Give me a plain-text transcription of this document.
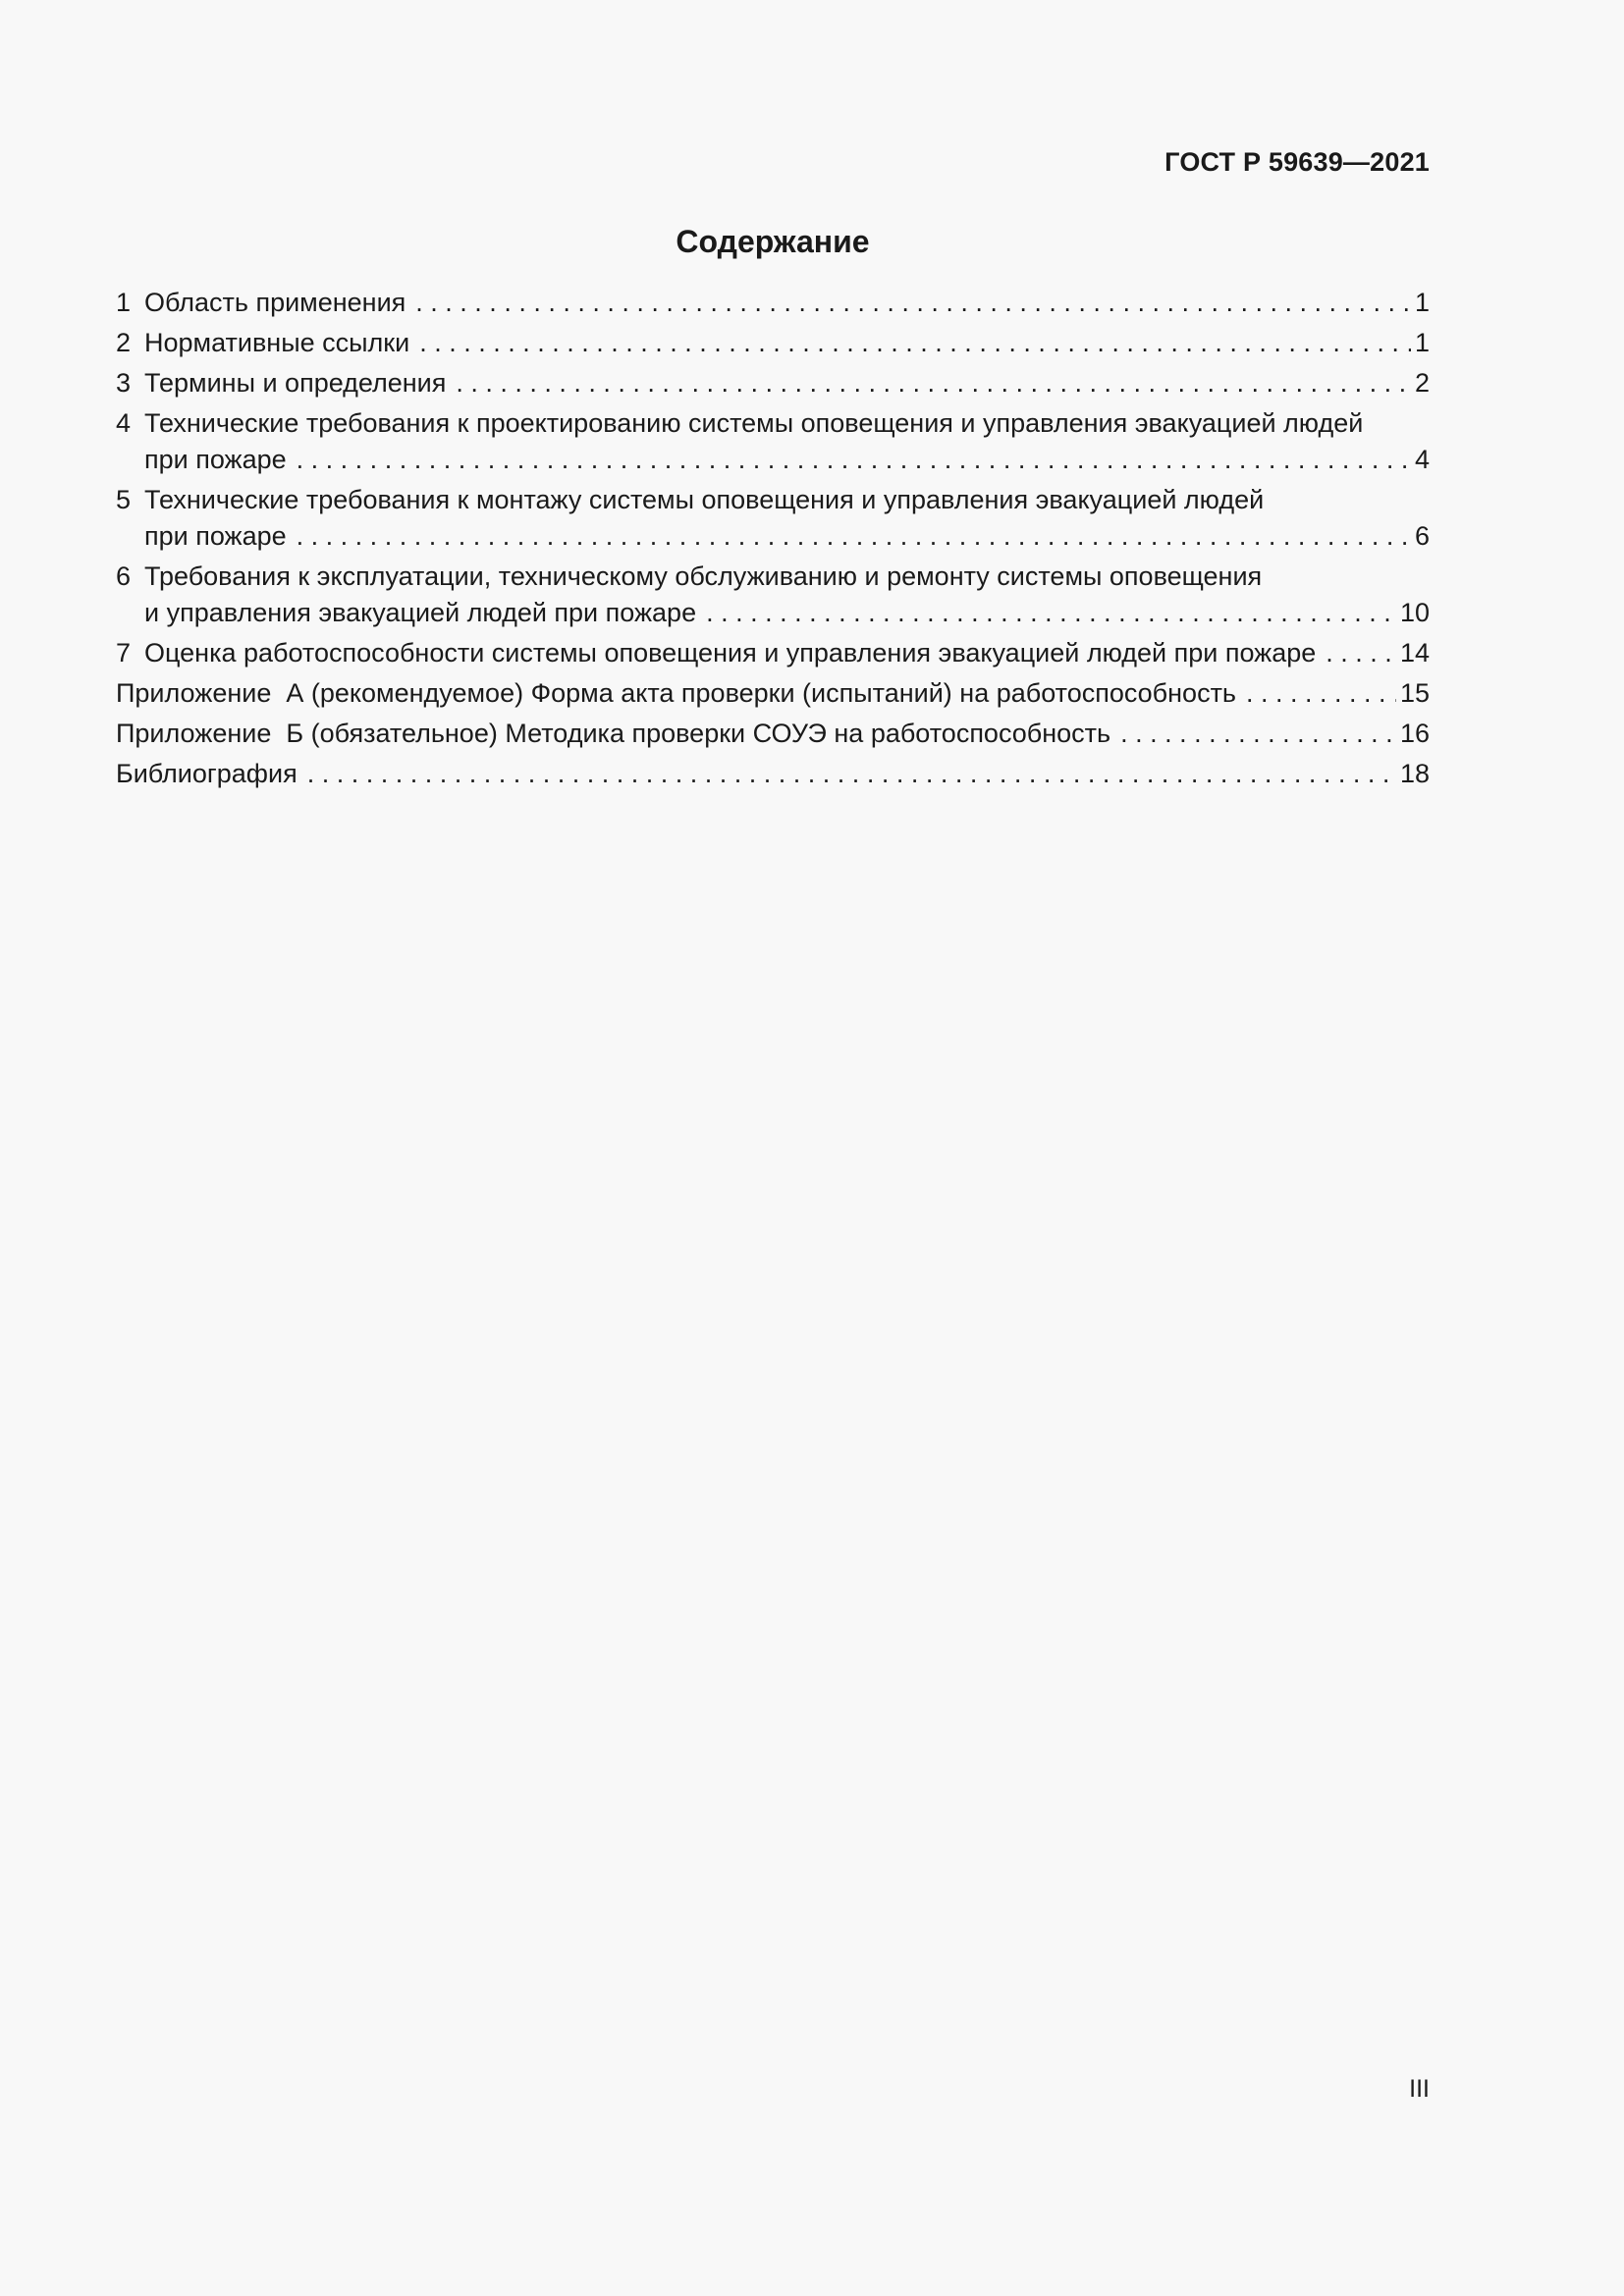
ГОСТ Р 59639—2021
Содержание
1 Область применения . . .	1
2 Нормативные ссылки . . .	1
3 Термины и определения . . .	2
4 Технические требования к проектированию системы оповещения и управления эвакуацией людей
при пожаре . . .	4
5 Технические требования к монтажу системы оповещения и управления эвакуацией людей
при пожаре . . .	6
6 Требования к эксплуатации, техническому обслуживанию и ремонту системы оповещения
и управления эвакуацией людей при пожаре . . .	10
7 Оценка работоспособности системы оповещения и управления эвакуацией людей при пожаре . . .	14
Приложение  А (рекомендуемое) Форма акта проверки (испытаний) на работоспособность . . .	15
Приложение  Б (обязательное) Методика проверки СОУЭ на работоспособность . . .	16
Библиография . . .	18
III
